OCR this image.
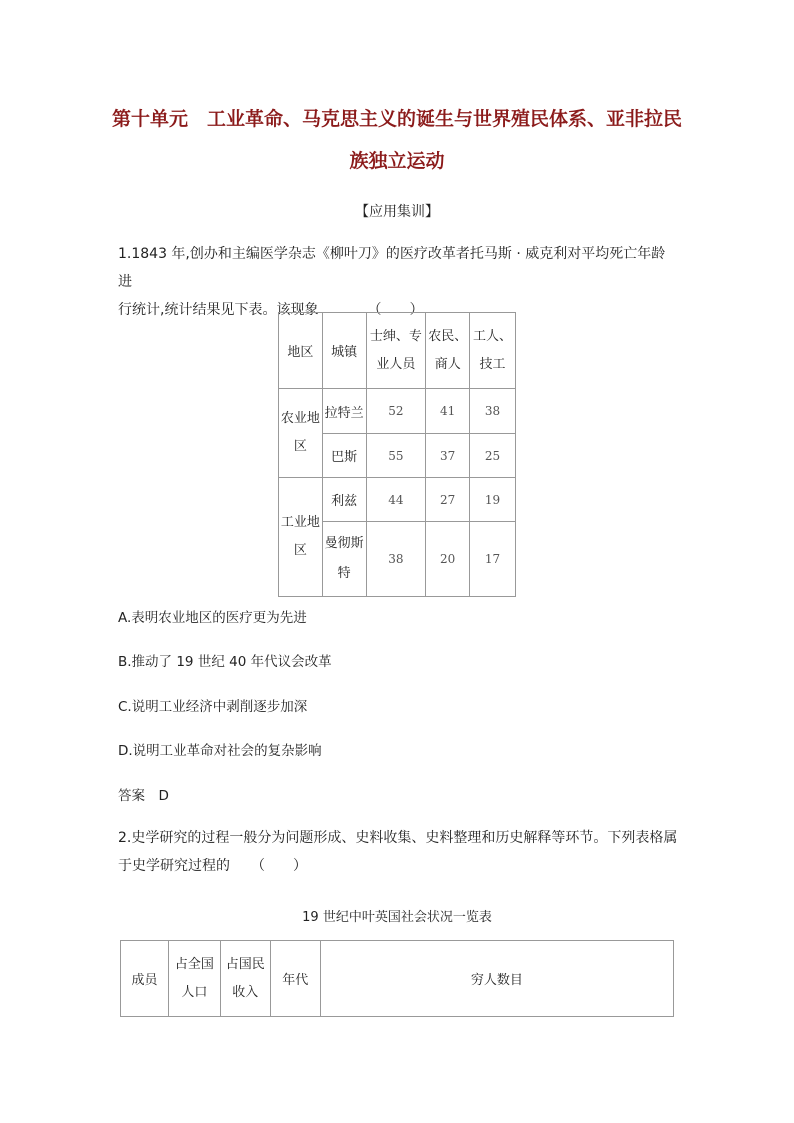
第十单元　工业革命、马克思主义的诞生与世界殖民体系、亚非拉民
族独立运动
【应用集训】
1.1843 年,创办和主编医学杂志《柳叶刀》的医疗改革者托马斯 · 威克利对平均死亡年龄进
行统计,统计结果见下表。该现象　　　　（　　）
地区	城镇	士绅、专业人员	农民、商人	工人、技工
农业地区	拉特兰	52	41	38
	巴斯	55	37	25
工业地区	利兹	44	27	19
	曼彻斯特	38	20	17
A.表明农业地区的医疗更为先进
B.推动了 19 世纪 40 年代议会改革
C.说明工业经济中剥削逐步加深
D.说明工业革命对社会的复杂影响
答案　D
2.史学研究的过程一般分为问题形成、史料收集、史料整理和历史解释等环节。下列表格属
于史学研究过程的　　（　　）
19 世纪中叶英国社会状况一览表
成员	占全国人口	占国民收入	年代	穷人数目
